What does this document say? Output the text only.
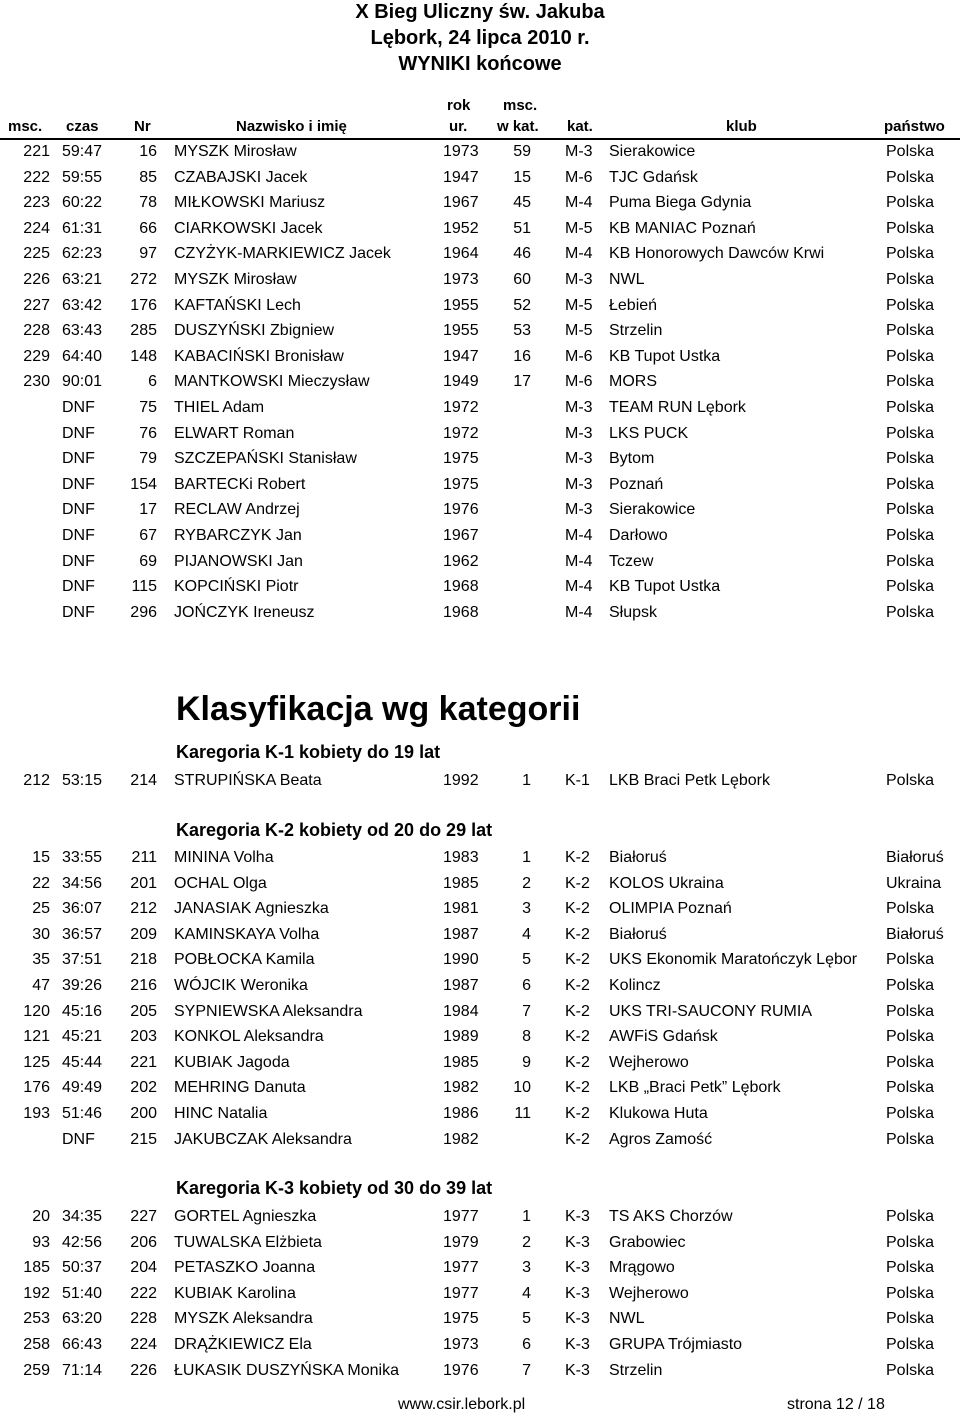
X Bieg Uliczny św. Jakuba
Lębork, 24 lipca 2010 r.
WYNIKI końcowe
msc. czas Nr	Nazwisko i imię
rok
ur.
msc.
w kat. kat.	klub	państwo
221 59:47	16 MYSZK Mirosław	1973	59 M-3 Sierakowice	Polska
222 59:55	85 CZABAJSKI Jacek	1947	15 M-6 TJC Gdańsk	Polska
223 60:22	78 MIŁKOWSKI Mariusz	1967	45 M-4 Puma Biega Gdynia	Polska
224 61:31	66 CIARKOWSKI Jacek	1952	51 M-5 KB MANIAC Poznań	Polska
225 62:23	97 CZYŻYK-MARKIEWICZ Jacek	1964	46 M-4 KB Honorowych Dawców Krwi	Polska
226 63:21	272 MYSZK Mirosław	1973	60 M-3 NWL	Polska
227 63:42	176 KAFTAŃSKI Lech	1955	52 M-5 Łebień	Polska
228 63:43	285 DUSZYŃSKI Zbigniew	1955	53 M-5 Strzelin	Polska
229 64:40	148 KABACIŃSKI Bronisław	1947	16 M-6 KB Tupot Ustka	Polska
230 90:01	6 MANTKOWSKI Mieczysław	1949	17 M-6 MORS	Polska
DNF	75 THIEL Adam	1972	M-3 TEAM RUN Lębork	Polska
DNF	76 ELWART Roman	1972	M-3 LKS PUCK	Polska
DNF	79 SZCZEPAŃSKI Stanisław	1975	M-3 Bytom	Polska
DNF	154 BARTECKi Robert	1975	M-3 Poznań	Polska
DNF	17 RECLAW Andrzej	1976	M-3 Sierakowice	Polska
DNF	67 RYBARCZYK Jan	1967	M-4 Darłowo	Polska
DNF	69 PIJANOWSKI Jan	1962	M-4 Tczew	Polska
DNF	115 KOPCIŃSKI Piotr	1968	M-4 KB Tupot Ustka	Polska
DNF	296 JOŃCZYK Ireneusz	1968	M-4 Słupsk	Polska
Klasyfikacja wg kategorii
Karegoria K-1 kobiety do 19 lat
212 53:15	214 STRUPIŃSKA Beata	1992	1 K-1 LKB Braci Petk Lębork	Polska
Karegoria K-2 kobiety od 20 do 29 lat
15 33:55	211 MININA Volha	1983	1 K-2 Białoruś	Białoruś
22 34:56	201 OCHAL Olga	1985	2 K-2 KOLOS Ukraina	Ukraina
25 36:07	212 JANASIAK Agnieszka	1981	3 K-2 OLIMPIA Poznań	Polska
30 36:57	209 KAMINSKAYA Volha	1987	4 K-2 Białoruś	Białoruś
35 37:51	218 POBŁOCKA Kamila	1990	5 K-2 UKS Ekonomik Maratończyk Lębor	Polska
47 39:26	216 WÓJCIK Weronika	1987	6 K-2 Kolincz	Polska
120 45:16	205 SYPNIEWSKA Aleksandra	1984	7 K-2 UKS TRI-SAUCONY RUMIA	Polska
121 45:21	203 KONKOL Aleksandra	1989	8 K-2 AWFiS Gdańsk	Polska
125 45:44	221 KUBIAK Jagoda	1985	9 K-2 Wejherowo	Polska
176 49:49	202 MEHRING Danuta	1982	10 K-2 LKB „Braci Petk” Lębork	Polska
193 51:46	200 HINC Natalia	1986	11 K-2 Klukowa Huta	Polska
DNF	215 JAKUBCZAK Aleksandra	1982	K-2 Agros Zamość	Polska
Karegoria K-3 kobiety od 30 do 39 lat
20 34:35	227 GORTEL Agnieszka	1977	1 K-3 TS AKS Chorzów	Polska
93 42:56	206 TUWALSKA Elżbieta	1979	2 K-3 Grabowiec	Polska
185 50:37	204 PETASZKO Joanna	1977	3 K-3 Mrągowo	Polska
192 51:40	222 KUBIAK Karolina	1977	4 K-3 Wejherowo	Polska
253 63:20	228 MYSZK Aleksandra	1975	5 K-3 NWL	Polska
258 66:43	224 DRĄŻKIEWICZ Ela	1973	6 K-3 GRUPA Trójmiasto	Polska
259 71:14	226 ŁUKASIK DUSZYŃSKA Monika	1976	7 K-3 Strzelin	Polska
www.csir.lebork.pl	strona 12 / 18
